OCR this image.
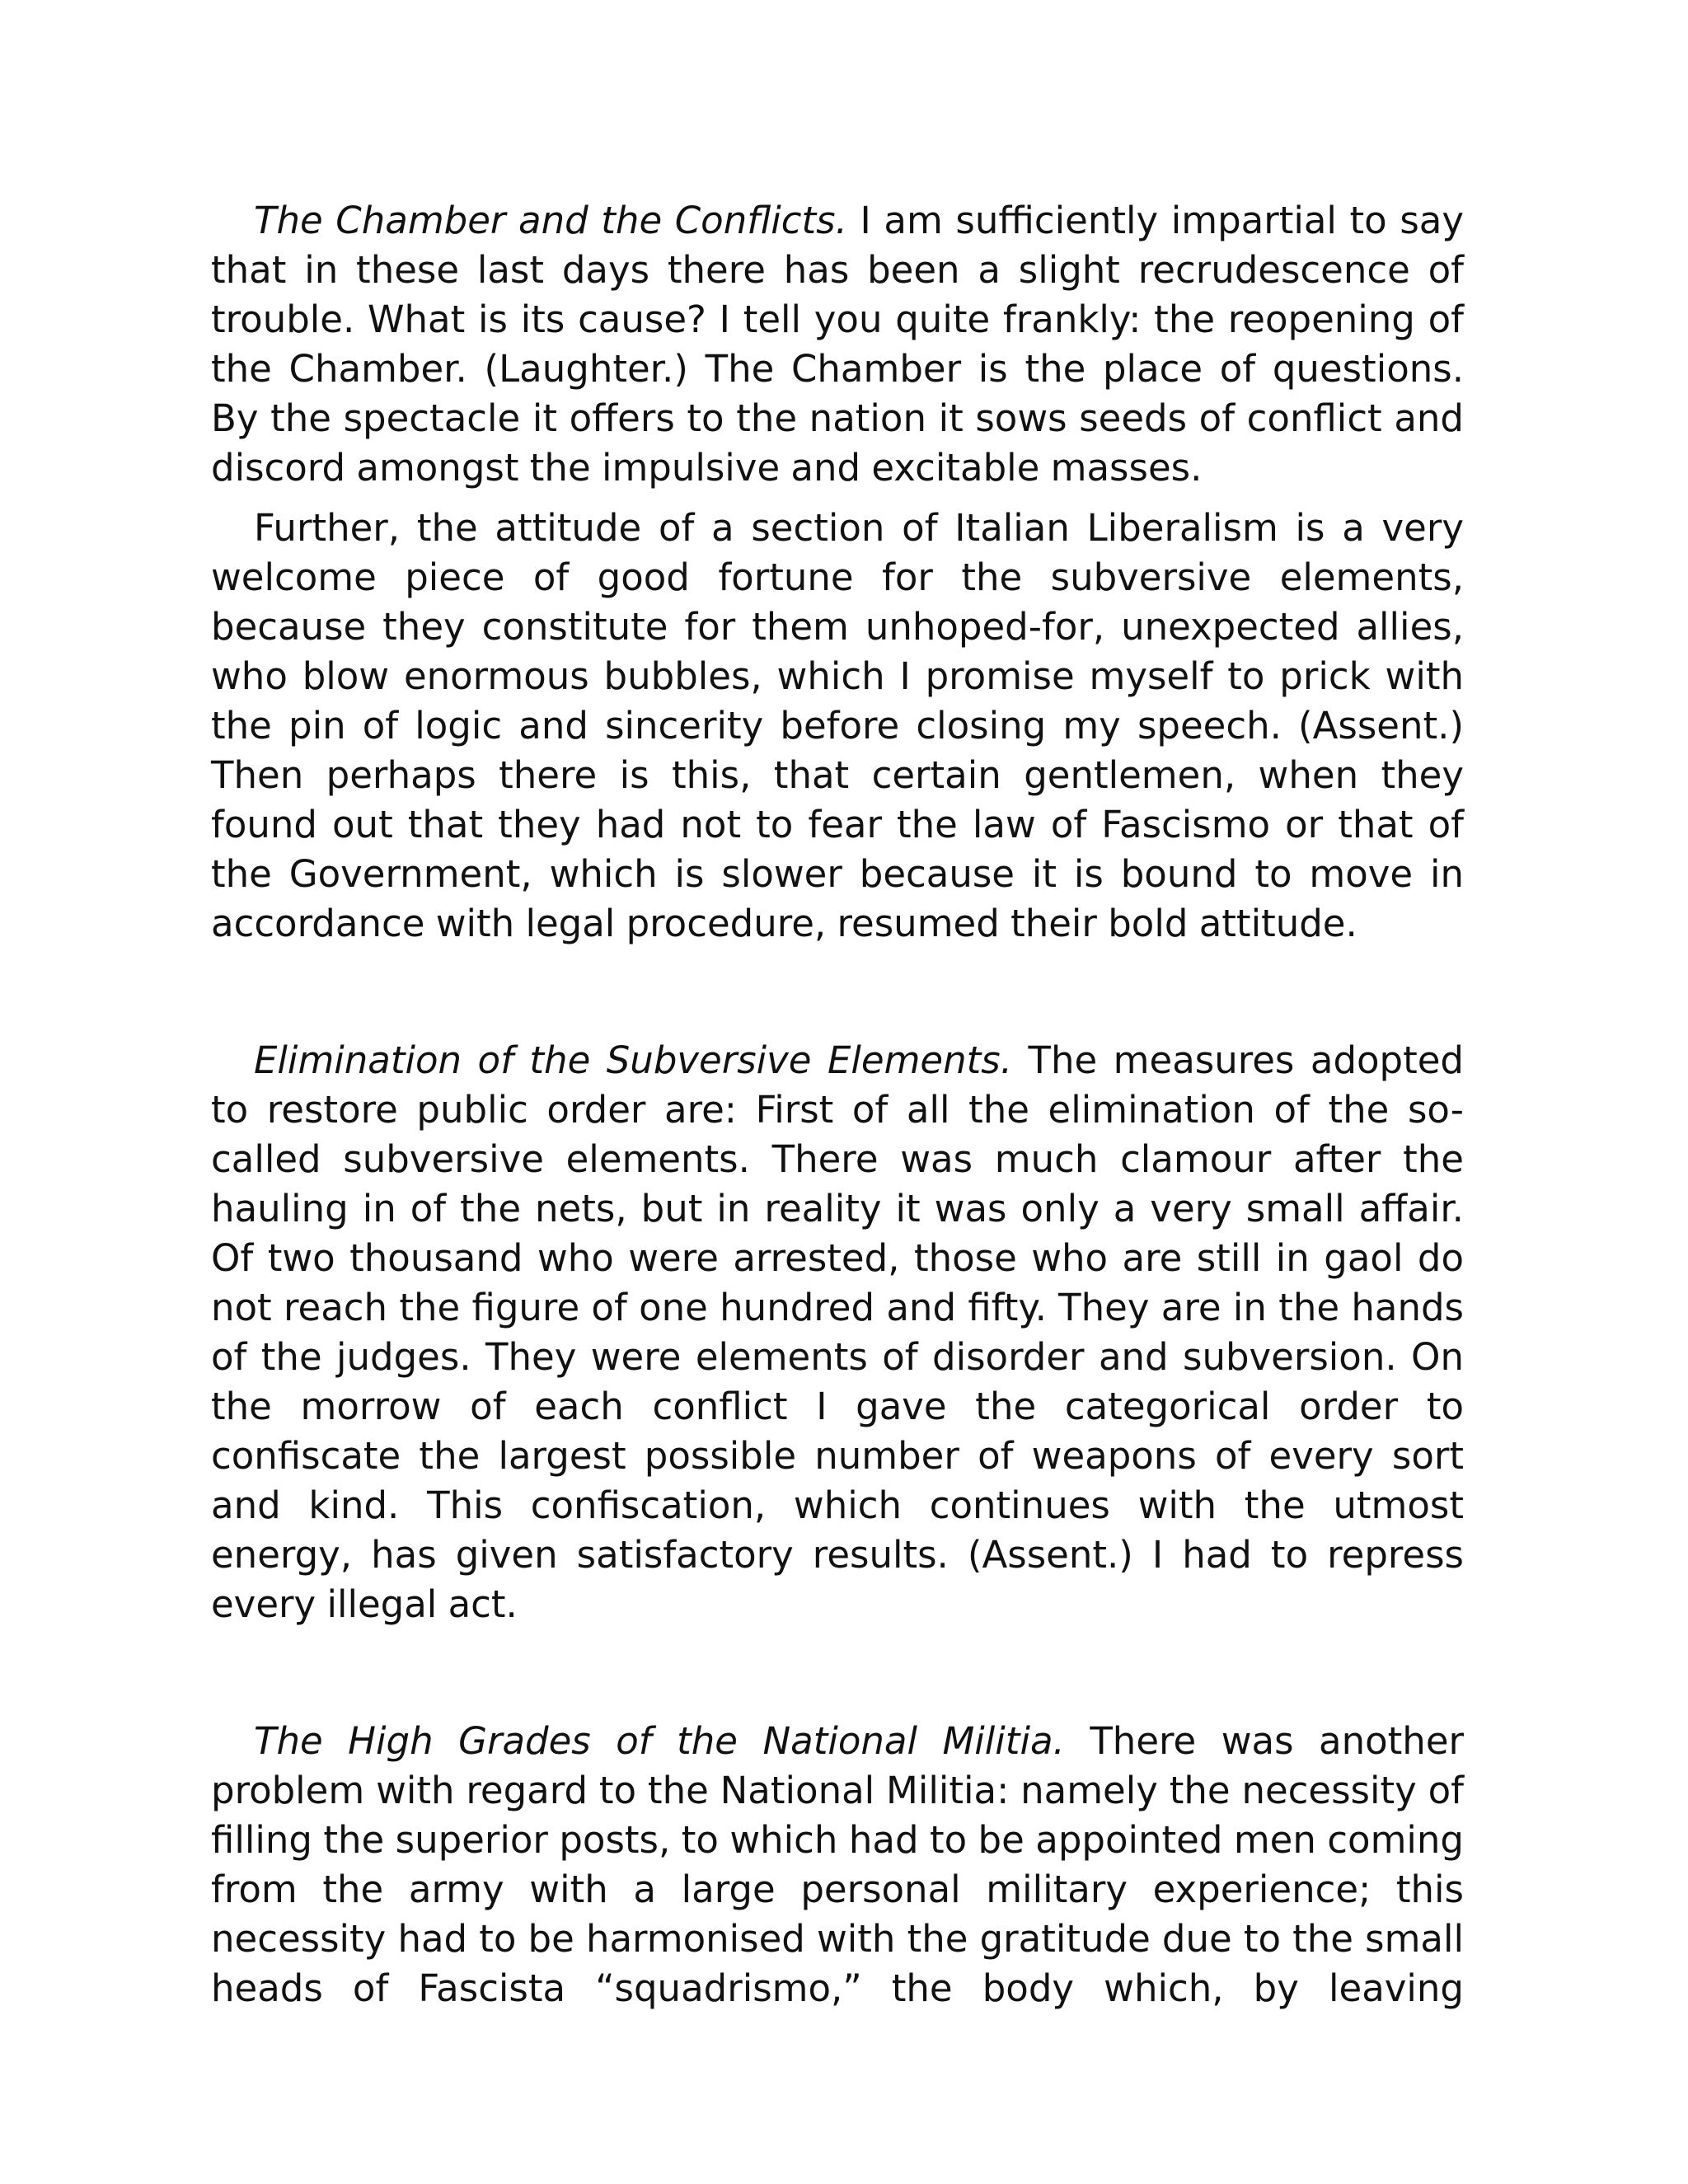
The Chamber and the Conflicts. I am sufficiently impartial to say that in these last days there has been a slight recrudescence of trouble. What is its cause? I tell you quite frankly: the reopening of the Chamber. (Laughter.) The Chamber is the place of questions. By the spectacle it offers to the nation it sows seeds of conflict and discord amongst the impulsive and excitable masses.

Further, the attitude of a section of Italian Liberalism is a very welcome piece of good fortune for the subversive elements, because they constitute for them unhoped-for, unexpected allies, who blow enormous bubbles, which I promise myself to prick with the pin of logic and sincerity before closing my speech. (Assent.) Then perhaps there is this, that certain gentlemen, when they found out that they had not to fear the law of Fascismo or that of the Government, which is slower because it is bound to move in accordance with legal procedure, resumed their bold attitude.

Elimination of the Subversive Elements. The measures adopted to restore public order are: First of all the elimination of the so-called subversive elements. There was much clamour after the hauling in of the nets, but in reality it was only a very small affair. Of two thousand who were arrested, those who are still in gaol do not reach the figure of one hundred and fifty. They are in the hands of the judges. They were elements of disorder and subversion. On the morrow of each conflict I gave the categorical order to confiscate the largest possible number of weapons of every sort and kind. This confiscation, which continues with the utmost energy, has given satisfactory results. (Assent.) I had to repress every illegal act.

The High Grades of the National Militia. There was another problem with regard to the National Militia: namely the necessity of filling the superior posts, to which had to be appointed men coming from the army with a large personal military experience; this necessity had to be harmonised with the gratitude due to the small heads of Fascista “squadrismo,” the body which, by leaving
